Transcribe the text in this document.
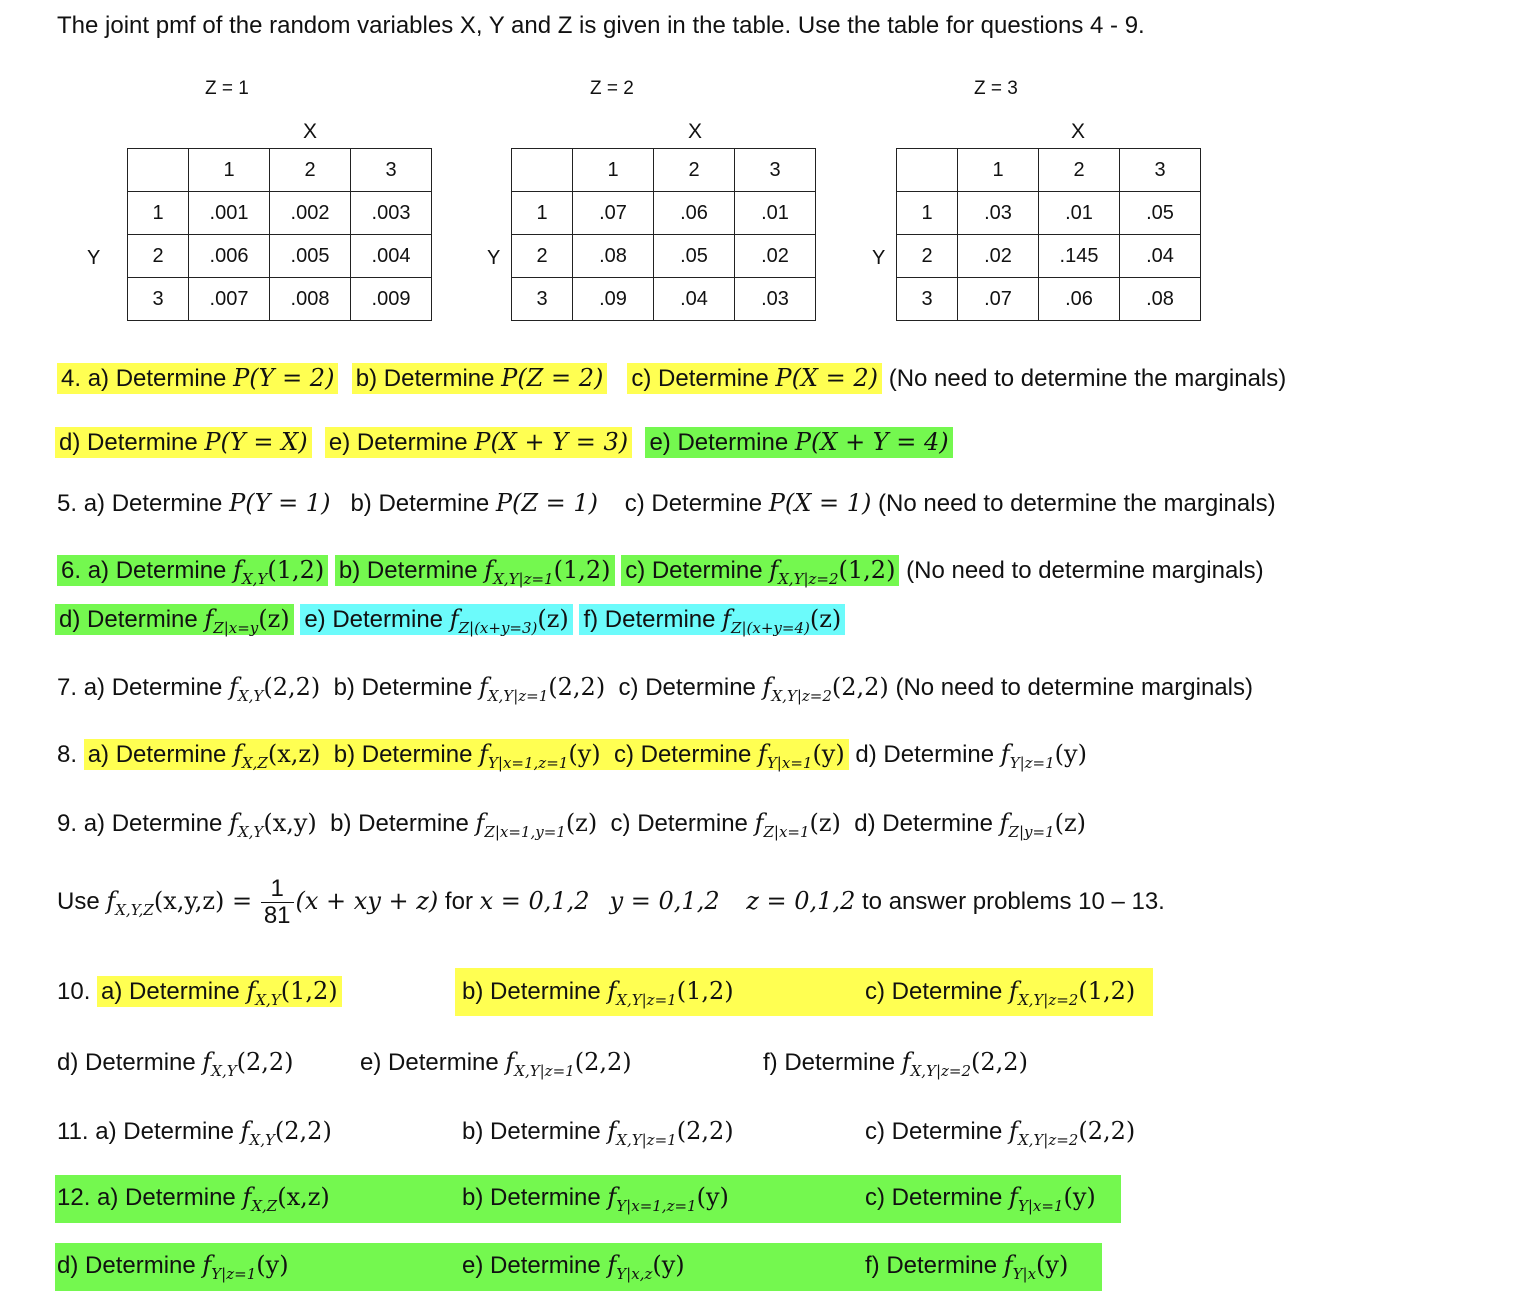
The joint pmf of the random variables X, Y and Z is given in the table. Use the table for questions 4 - 9.
Z = 1
X
Y
	1	2	3
1	.001	.002	.003
2	.006	.005	.004
3	.007	.008	.009
Z = 2
X
Y
	1	2	3
1	.07	.06	.01
2	.08	.05	.02
3	.09	.04	.03
Z = 3
X
Y
	1	2	3
1	.03	.01	.05
2	.02	.145	.04
3	.07	.06	.08
4. a) Determine P(Y = 2) b) Determine P(Z = 2) c) Determine P(X = 2) (No need to determine the marginals)
d) Determine P(Y = X) e) Determine P(X + Y = 3) e) Determine P(X + Y = 4)
5. a) Determine P(Y = 1) b) Determine P(Z = 1) c) Determine P(X = 1) (No need to determine the marginals)
6. a) Determine $f_{X,Y}(1,2)$ b) Determine $f_{X,Y|z=1}(1,2)$ c) Determine $f_{X,Y|z=2}(1,2)$ (No need to determine marginals)
d) Determine $f_{Z|x=y}(z)$ e) Determine $f_{Z|(x+y=3)}(z)$ f) Determine $f_{Z|(x+y=4)}(z)$
7. a) Determine $f_{X,Y}(2,2)$ b) Determine $f_{X,Y|z=1}(2,2)$ c) Determine $f_{X,Y|z=2}(2,2)$ (No need to determine marginals)
8. a) Determine $f_{X,Z}(x,z)$ b) Determine $f_{Y|x=1,z=1}(y)$ c) Determine $f_{Y|x=1}(y)$ d) Determine $f_{Y|z=1}(y)$
9. a) Determine $f_{X,Y}(x,y)$ b) Determine $f_{Z|x=1,y=1}(z)$ c) Determine $f_{Z|x=1}(z)$ d) Determine $f_{Z|y=1}(z)$
Use $f_{X,Y,Z}(x,y,z) = \frac{1}{81} (x$ + xy + z) for x = 0,1,2 y = 0,1,2 z = 0,1,2 to answer problems 10 – 13.
10. a) Determine $f_{X,Y}(1,2)$	b) Determine $f_{X,Y|z=1}(1,2)$	c) Determine $f_{X,Y|z=2}(1,2)$
d) Determine $f_{X,Y}(2,2)$	e) Determine $f_{X,Y|z=1}(2,2)$	f) Determine $f_{X,Y|z=2}(2,2)$
11. a) Determine $f_{X,Y}(2,2)$	b) Determine $f_{X,Y|z=1}(2,2)$	c) Determine $f_{X,Y|z=2}(2,2)$
12. a) Determine $f_{X,Z}(x,z)$	b) Determine $f_{Y|x=1,z=1}(y)$	c) Determine $f_{Y|x=1}(y)$
d) Determine $f_{Y|z=1}(y)$	e) Determine $f_{Y|x,z}(y)$	f) Determine $f_{Y|x}(y)$
